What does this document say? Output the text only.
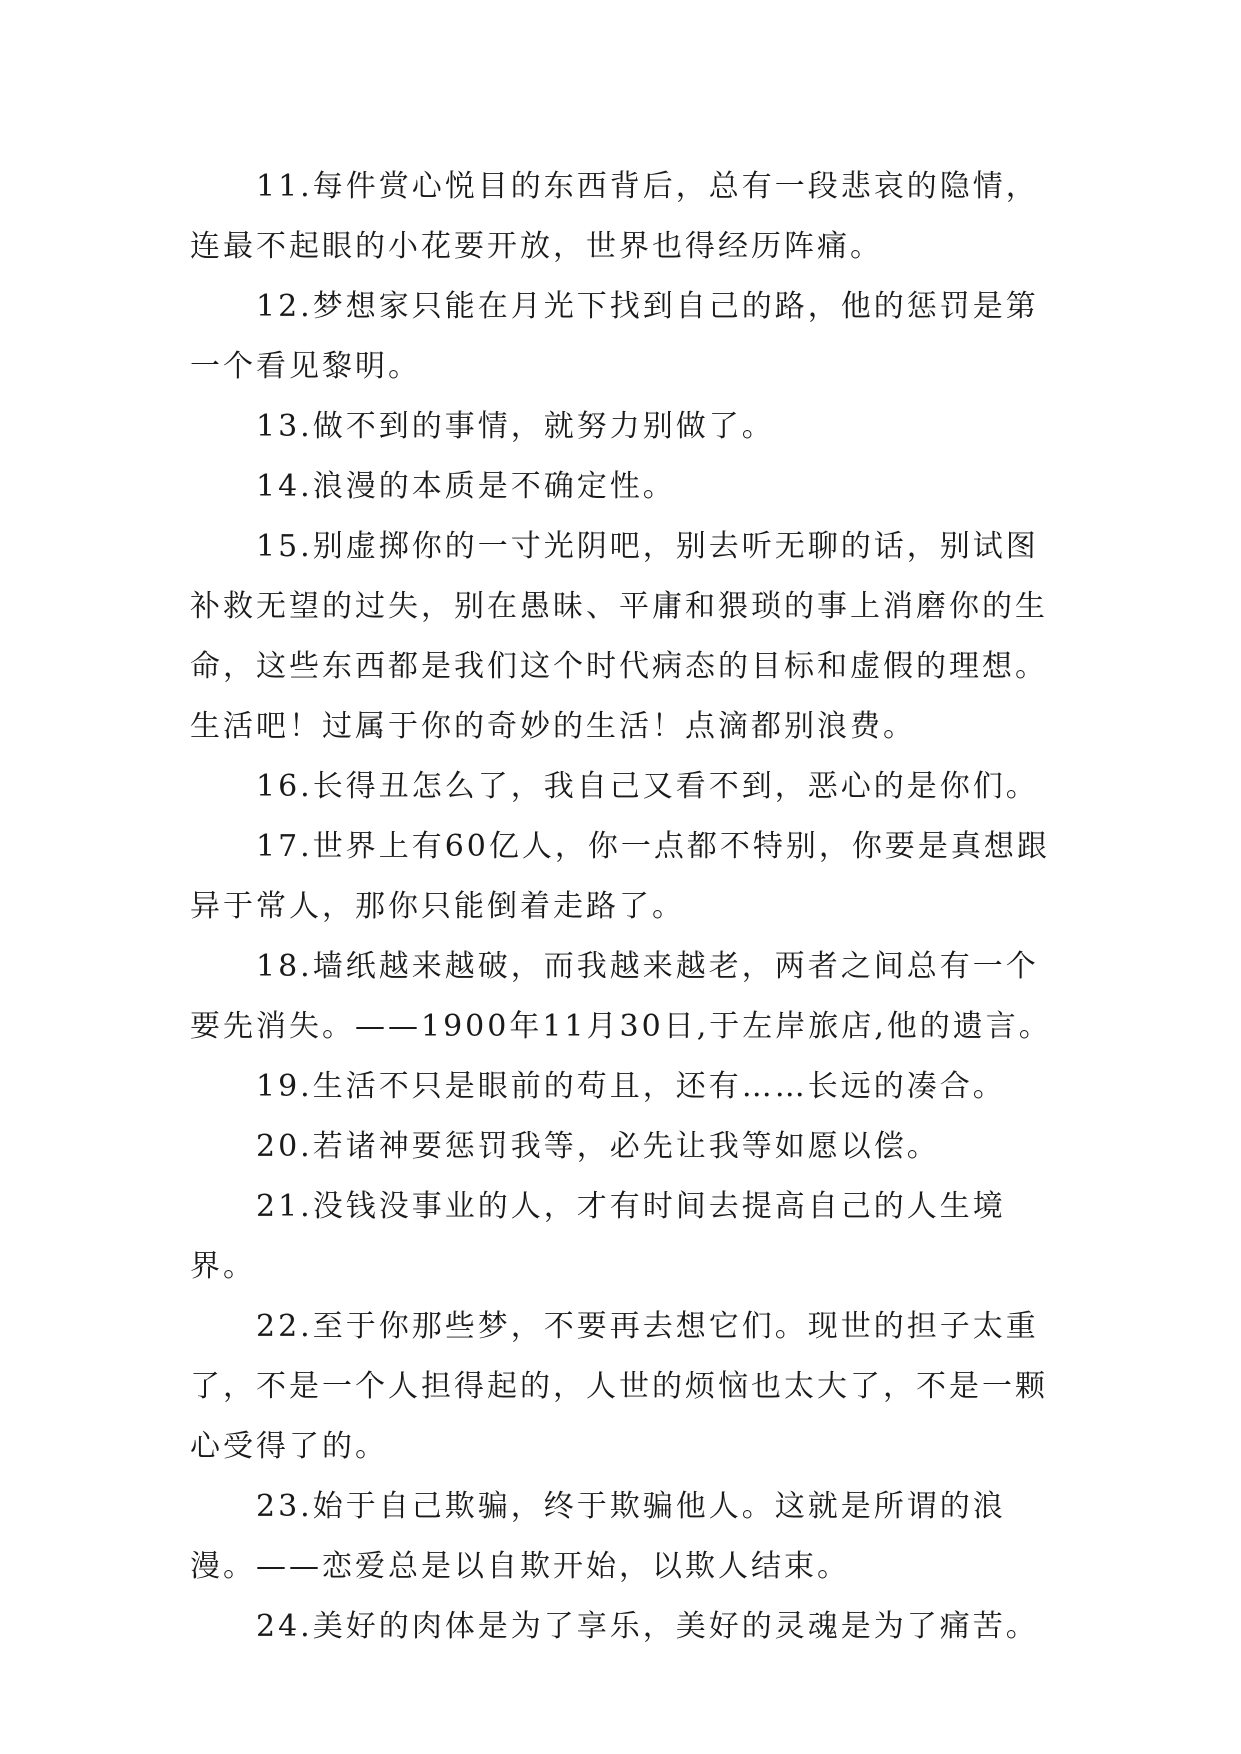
11.每件赏心悦目的东西背后，总有一段悲哀的隐情，连最不起眼的小花要开放，世界也得经历阵痛。

12.梦想家只能在月光下找到自己的路，他的惩罚是第一个看见黎明。

13.做不到的事情，就努力别做了。

14.浪漫的本质是不确定性。

15.别虚掷你的一寸光阴吧，别去听无聊的话，别试图补救无望的过失，别在愚昧、平庸和猥琐的事上消磨你的生命，这些东西都是我们这个时代病态的目标和虚假的理想。生活吧！过属于你的奇妙的生活！点滴都别浪费。

16.长得丑怎么了，我自己又看不到，恶心的是你们。

17.世界上有60亿人，你一点都不特别，你要是真想跟异于常人，那你只能倒着走路了。

18.墙纸越来越破，而我越来越老，两者之间总有一个要先消失。——1900年11月30日,于左岸旅店,他的遗言。

19.生活不只是眼前的苟且，还有……长远的凑合。

20.若诸神要惩罚我等，必先让我等如愿以偿。

21.没钱没事业的人，才有时间去提高自己的人生境界。

22.至于你那些梦，不要再去想它们。现世的担子太重了，不是一个人担得起的，人世的烦恼也太大了，不是一颗心受得了的。

23.始于自己欺骗，终于欺骗他人。这就是所谓的浪漫。——恋爱总是以自欺开始，以欺人结束。

24.美好的肉体是为了享乐，美好的灵魂是为了痛苦。
